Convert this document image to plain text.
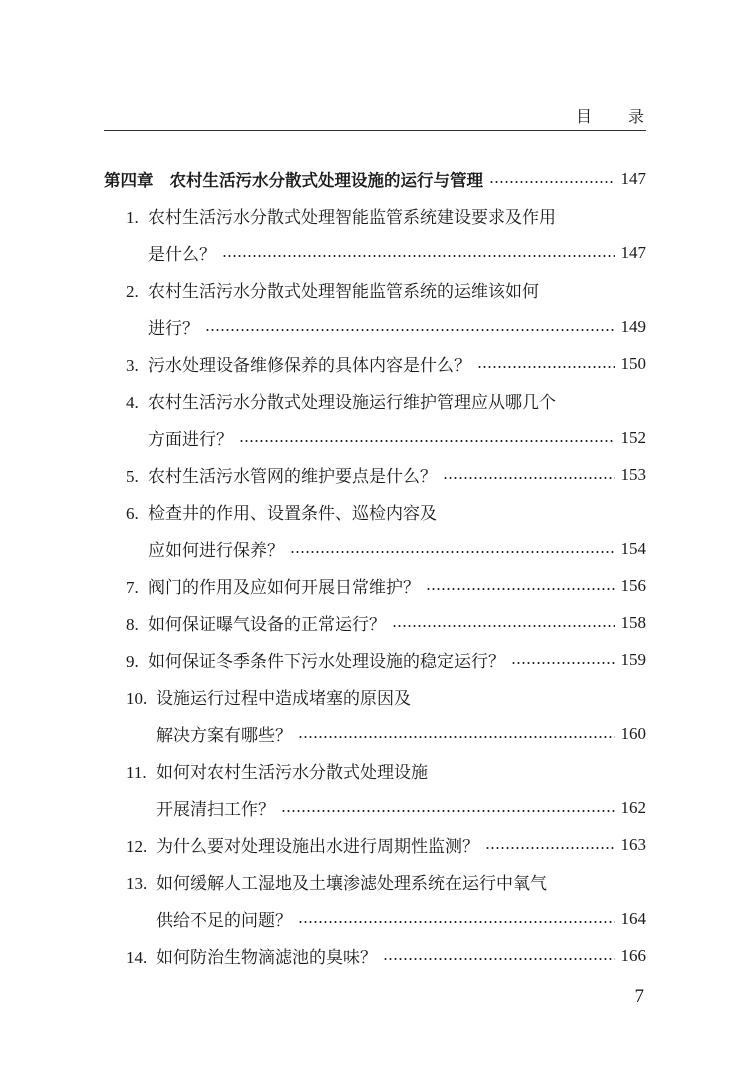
目录
第四章 农村生活污水分散式处理设施的运行与管理	147
1. 农村生活污水分散式处理智能监管系统建设要求及作用
是什么？	147
2. 农村生活污水分散式处理智能监管系统的运维该如何
进行？	149
3. 污水处理设备维修保养的具体内容是什么？	150
4. 农村生活污水分散式处理设施运行维护管理应从哪几个
方面进行？	152
5. 农村生活污水管网的维护要点是什么？	153
6. 检查井的作用、设置条件、巡检内容及
应如何进行保养？	154
7. 阀门的作用及应如何开展日常维护？	156
8. 如何保证曝气设备的正常运行？	158
9. 如何保证冬季条件下污水处理设施的稳定运行？	159
10. 设施运行过程中造成堵塞的原因及
解决方案有哪些？	160
11. 如何对农村生活污水分散式处理设施
开展清扫工作？	162
12. 为什么要对处理设施出水进行周期性监测？	163
13. 如何缓解人工湿地及土壤渗滤处理系统在运行中氧气
供给不足的问题？	164
14. 如何防治生物滴滤池的臭味？	166
7
